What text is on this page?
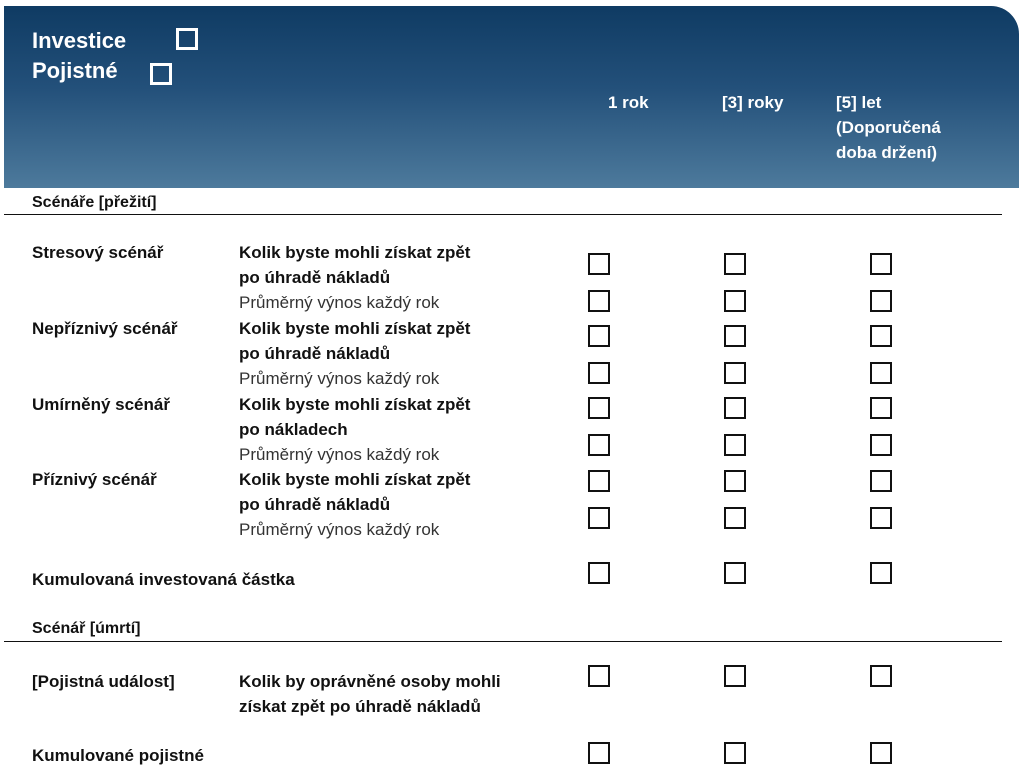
Investice
Pojistné
1 rok	[3] roky	[5] let
(Doporučená
doba držení)
Scénáře [přežití]
Stresový scénář	Kolik byste mohli získat zpět
po úhradě nákladů
Průměrný výnos každý rok
Nepříznivý scénář	Kolik byste mohli získat zpět
po úhradě nákladů
Průměrný výnos každý rok
Umírněný scénář	Kolik byste mohli získat zpět
po nákladech
Průměrný výnos každý rok
Příznivý scénář	Kolik byste mohli získat zpět
po úhradě nákladů
Průměrný výnos každý rok
Kumulovaná investovaná částka
Scénář [úmrtí]
[Pojistná událost]	Kolik by oprávněné osoby mohli
získat zpět po úhradě nákladů
Kumulované pojistné
